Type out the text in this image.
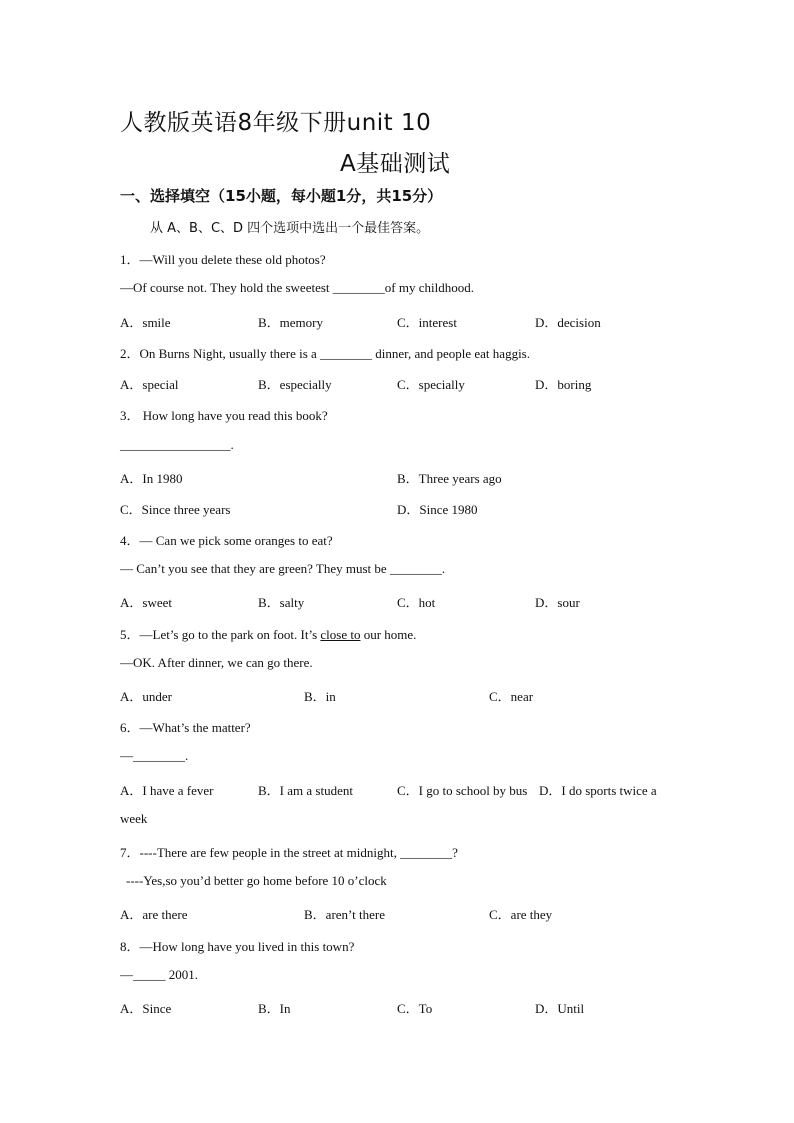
人教版英语8年级下册unit 10
A基础测试
一、选择填空（15小题，每小题1分，共15分）
从 A、B、C、D 四个选项中选出一个最佳答案。
1．—Will you delete these old photos?
—Of course not. They hold the sweetest ________of my childhood.
A．smile	B．memory	C．interest	D．decision
2．On Burns Night, usually there is a ________ dinner, and people eat haggis.
A．special	B．especially	C．specially	D．boring
3． How long have you read this book?
_________________.
A．In 1980	B．Three years ago
C．Since three years	D．Since 1980
4．— Can we pick some oranges to eat?
— Can’t you see that they are green? They must be ________.
A．sweet	B．salty	C．hot	D．sour
5．—Let’s go to the park on foot. It’s close to our home.
—OK. After dinner, we can go there.
A．under	B．in	C．near
6．—What’s the matter?
—________.
A．I have a fever	B．I am a student	C．I go to school by bus D．I do sports twice a
week
7．----There are few people in the street at midnight, ________?
----Yes,so you’d better go home before 10 o’clock
A．are there	B．aren’t there	C．are they
8．—How long have you lived in this town?
—_____ 2001.
A．Since	B．In	C．To	D．Until
